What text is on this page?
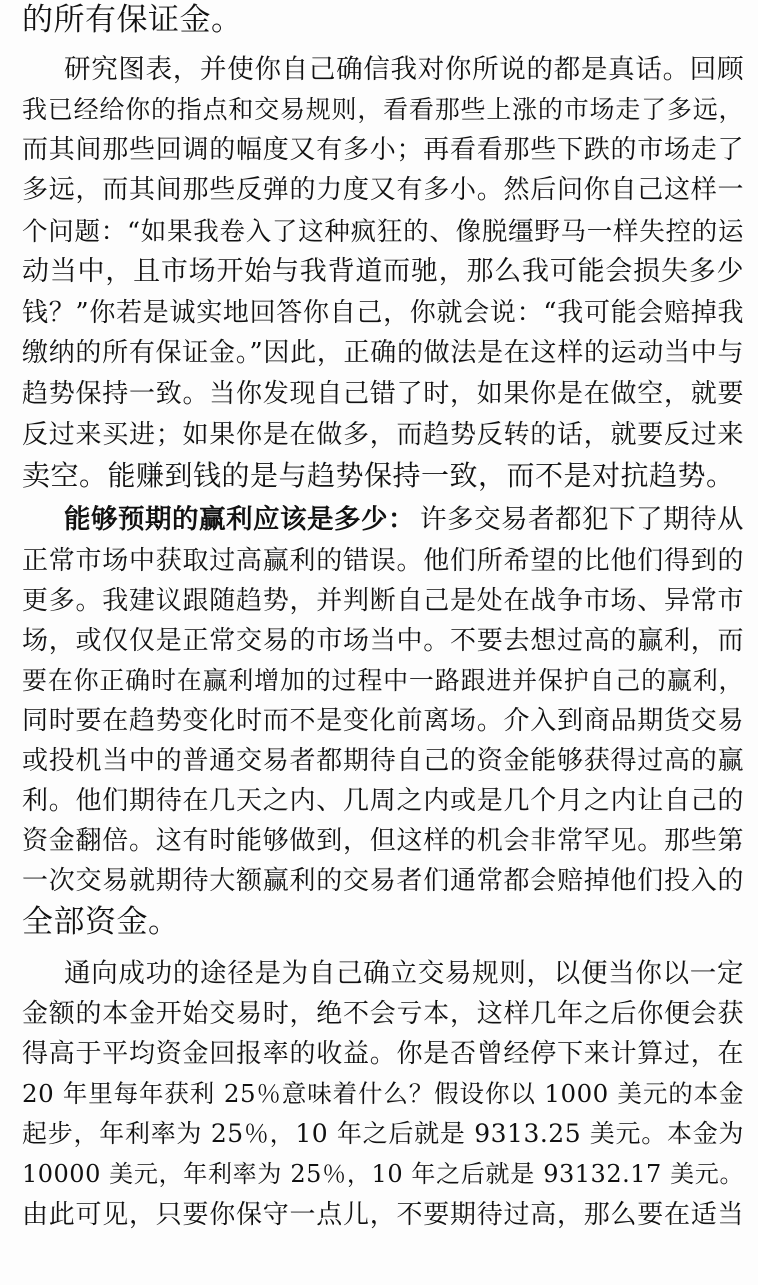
的所有保证金。
研究图表，并使你自己确信我对你所说的都是真话。回顾
我已经给你的指点和交易规则，看看那些上涨的市场走了多远，
而其间那些回调的幅度又有多小；再看看那些下跌的市场走了
多远，而其间那些反弹的力度又有多小。然后问你自己这样一
个问题：“如果我卷入了这种疯狂的、像脱缰野马一样失控的运
动当中，且市场开始与我背道而驰，那么我可能会损失多少
钱？”你若是诚实地回答你自己，你就会说：“我可能会赔掉我
缴纳的所有保证金。”因此，正确的做法是在这样的运动当中与
趋势保持一致。当你发现自己错了时，如果你是在做空，就要
反过来买进；如果你是在做多，而趋势反转的话，就要反过来
卖空。能赚到钱的是与趋势保持一致，而不是对抗趋势。
能够预期的赢利应该是多少： 许多交易者都犯下了期待从
正常市场中获取过高赢利的错误。他们所希望的比他们得到的
更多。我建议跟随趋势，并判断自己是处在战争市场、异常市
场，或仅仅是正常交易的市场当中。不要去想过高的赢利，而
要在你正确时在赢利增加的过程中一路跟进并保护自己的赢利，
同时要在趋势变化时而不是变化前离场。介入到商品期货交易
或投机当中的普通交易者都期待自己的资金能够获得过高的赢
利。他们期待在几天之内、几周之内或是几个月之内让自己的
资金翻倍。这有时能够做到，但这样的机会非常罕见。那些第
一次交易就期待大额赢利的交易者们通常都会赔掉他们投入的
全部资金。
通向成功的途径是为自己确立交易规则，以便当你以一定
金额的本金开始交易时，绝不会亏本，这样几年之后你便会获
得高于平均资金回报率的收益。你是否曾经停下来计算过，在
20 年里每年获利 25％意味着什么？假设你以 1000 美元的本金
起步，年利率为 25％，10 年之后就是 9313.25 美元。本金为
10000 美元，年利率为 25％，10 年之后就是 93132.17 美元。
由此可见，只要你保守一点儿，不要期待过高，那么要在适当
